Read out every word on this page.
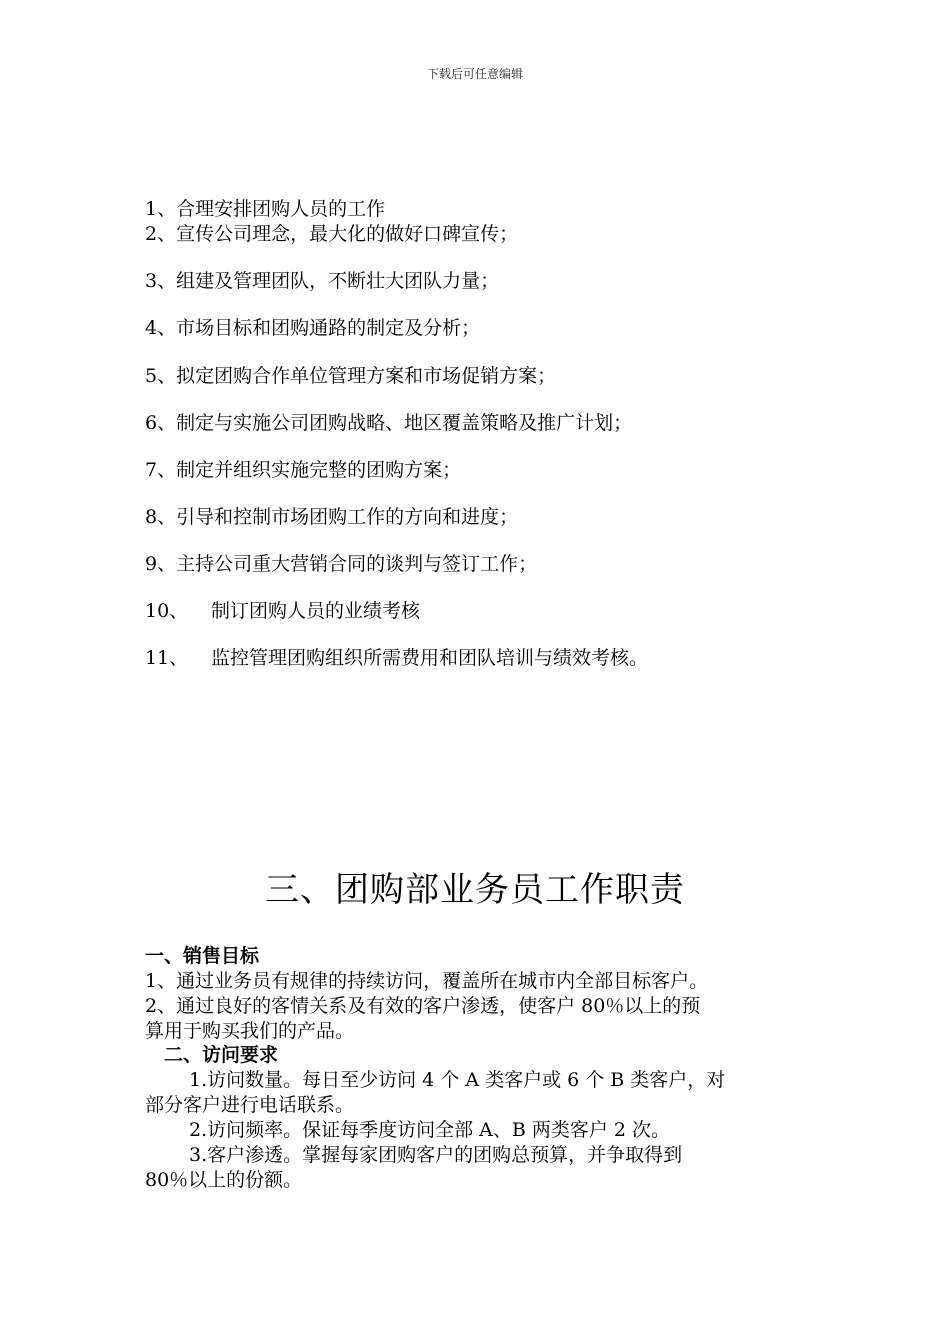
下载后可任意编辑
1、合理安排团购人员的工作
2、宣传公司理念，最大化的做好口碑宣传；
3、组建及管理团队，不断壮大团队力量；
4、市场目标和团购通路的制定及分析；
5、拟定团购合作单位管理方案和市场促销方案；
6、制定与实施公司团购战略、地区覆盖策略及推广计划；
7、制定并组织实施完整的团购方案；
8、引导和控制市场团购工作的方向和进度；
9、主持公司重大营销合同的谈判与签订工作；
10、 制订团购人员的业绩考核
11、 监控管理团购组织所需费用和团队培训与绩效考核。
三、团购部业务员工作职责
一、销售目标
1、通过业务员有规律的持续访问，覆盖所在城市内全部目标客户。
2、通过良好的客情关系及有效的客户渗透，使客户 80％以上的预
算用于购买我们的产品。
二、访问要求
1.访问数量。每日至少访问 4 个 A 类客户或 6 个 B 类客户，对
部分客户进行电话联系。
2.访问频率。保证每季度访问全部 A、B 两类客户 2 次。
3.客户渗透。掌握每家团购客户的团购总预算，并争取得到
80％以上的份额。
